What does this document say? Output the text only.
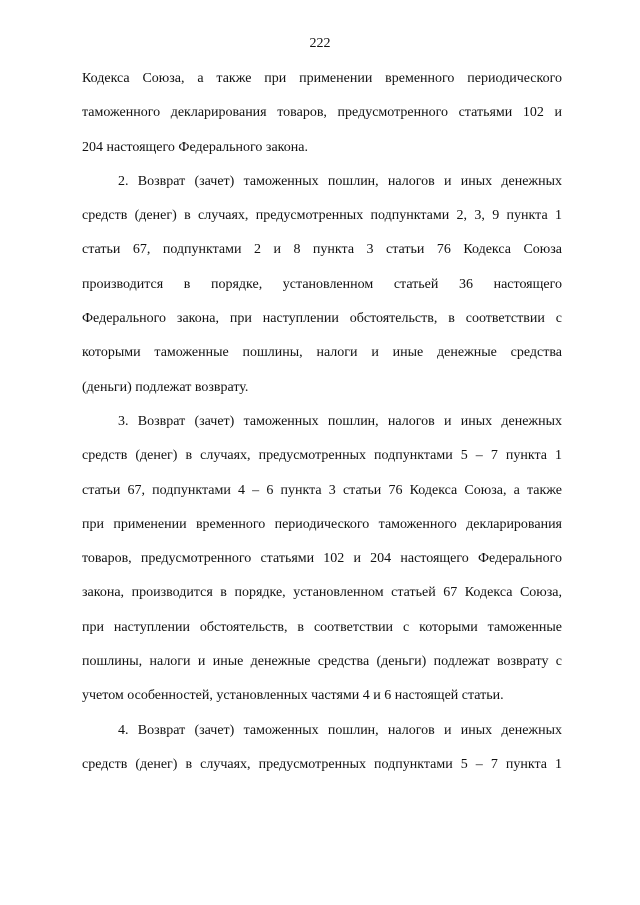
222
Кодекса Союза, а также при применении временного периодического
таможенного декларирования товаров, предусмотренного статьями 102 и
204 настоящего Федерального закона.
2. Возврат (зачет) таможенных пошлин, налогов и иных денежных
средств (денег) в случаях, предусмотренных подпунктами 2, 3, 9 пункта 1
статьи 67, подпунктами 2 и 8 пункта 3 статьи 76 Кодекса Союза
производится в порядке, установленном статьей 36 настоящего
Федерального закона, при наступлении обстоятельств, в соответствии с
которыми таможенные пошлины, налоги и иные денежные средства
(деньги) подлежат возврату.
3. Возврат (зачет) таможенных пошлин, налогов и иных денежных
средств (денег) в случаях, предусмотренных подпунктами 5 – 7 пункта 1
статьи 67, подпунктами 4 – 6 пункта 3 статьи 76 Кодекса Союза, а также
при применении временного периодического таможенного декларирования
товаров, предусмотренного статьями 102 и 204 настоящего Федерального
закона, производится в порядке, установленном статьей 67 Кодекса Союза,
при наступлении обстоятельств, в соответствии с которыми таможенные
пошлины, налоги и иные денежные средства (деньги) подлежат возврату с
учетом особенностей, установленных частями 4 и 6 настоящей статьи.
4. Возврат (зачет) таможенных пошлин, налогов и иных денежных
средств (денег) в случаях, предусмотренных подпунктами 5 – 7 пункта 1
